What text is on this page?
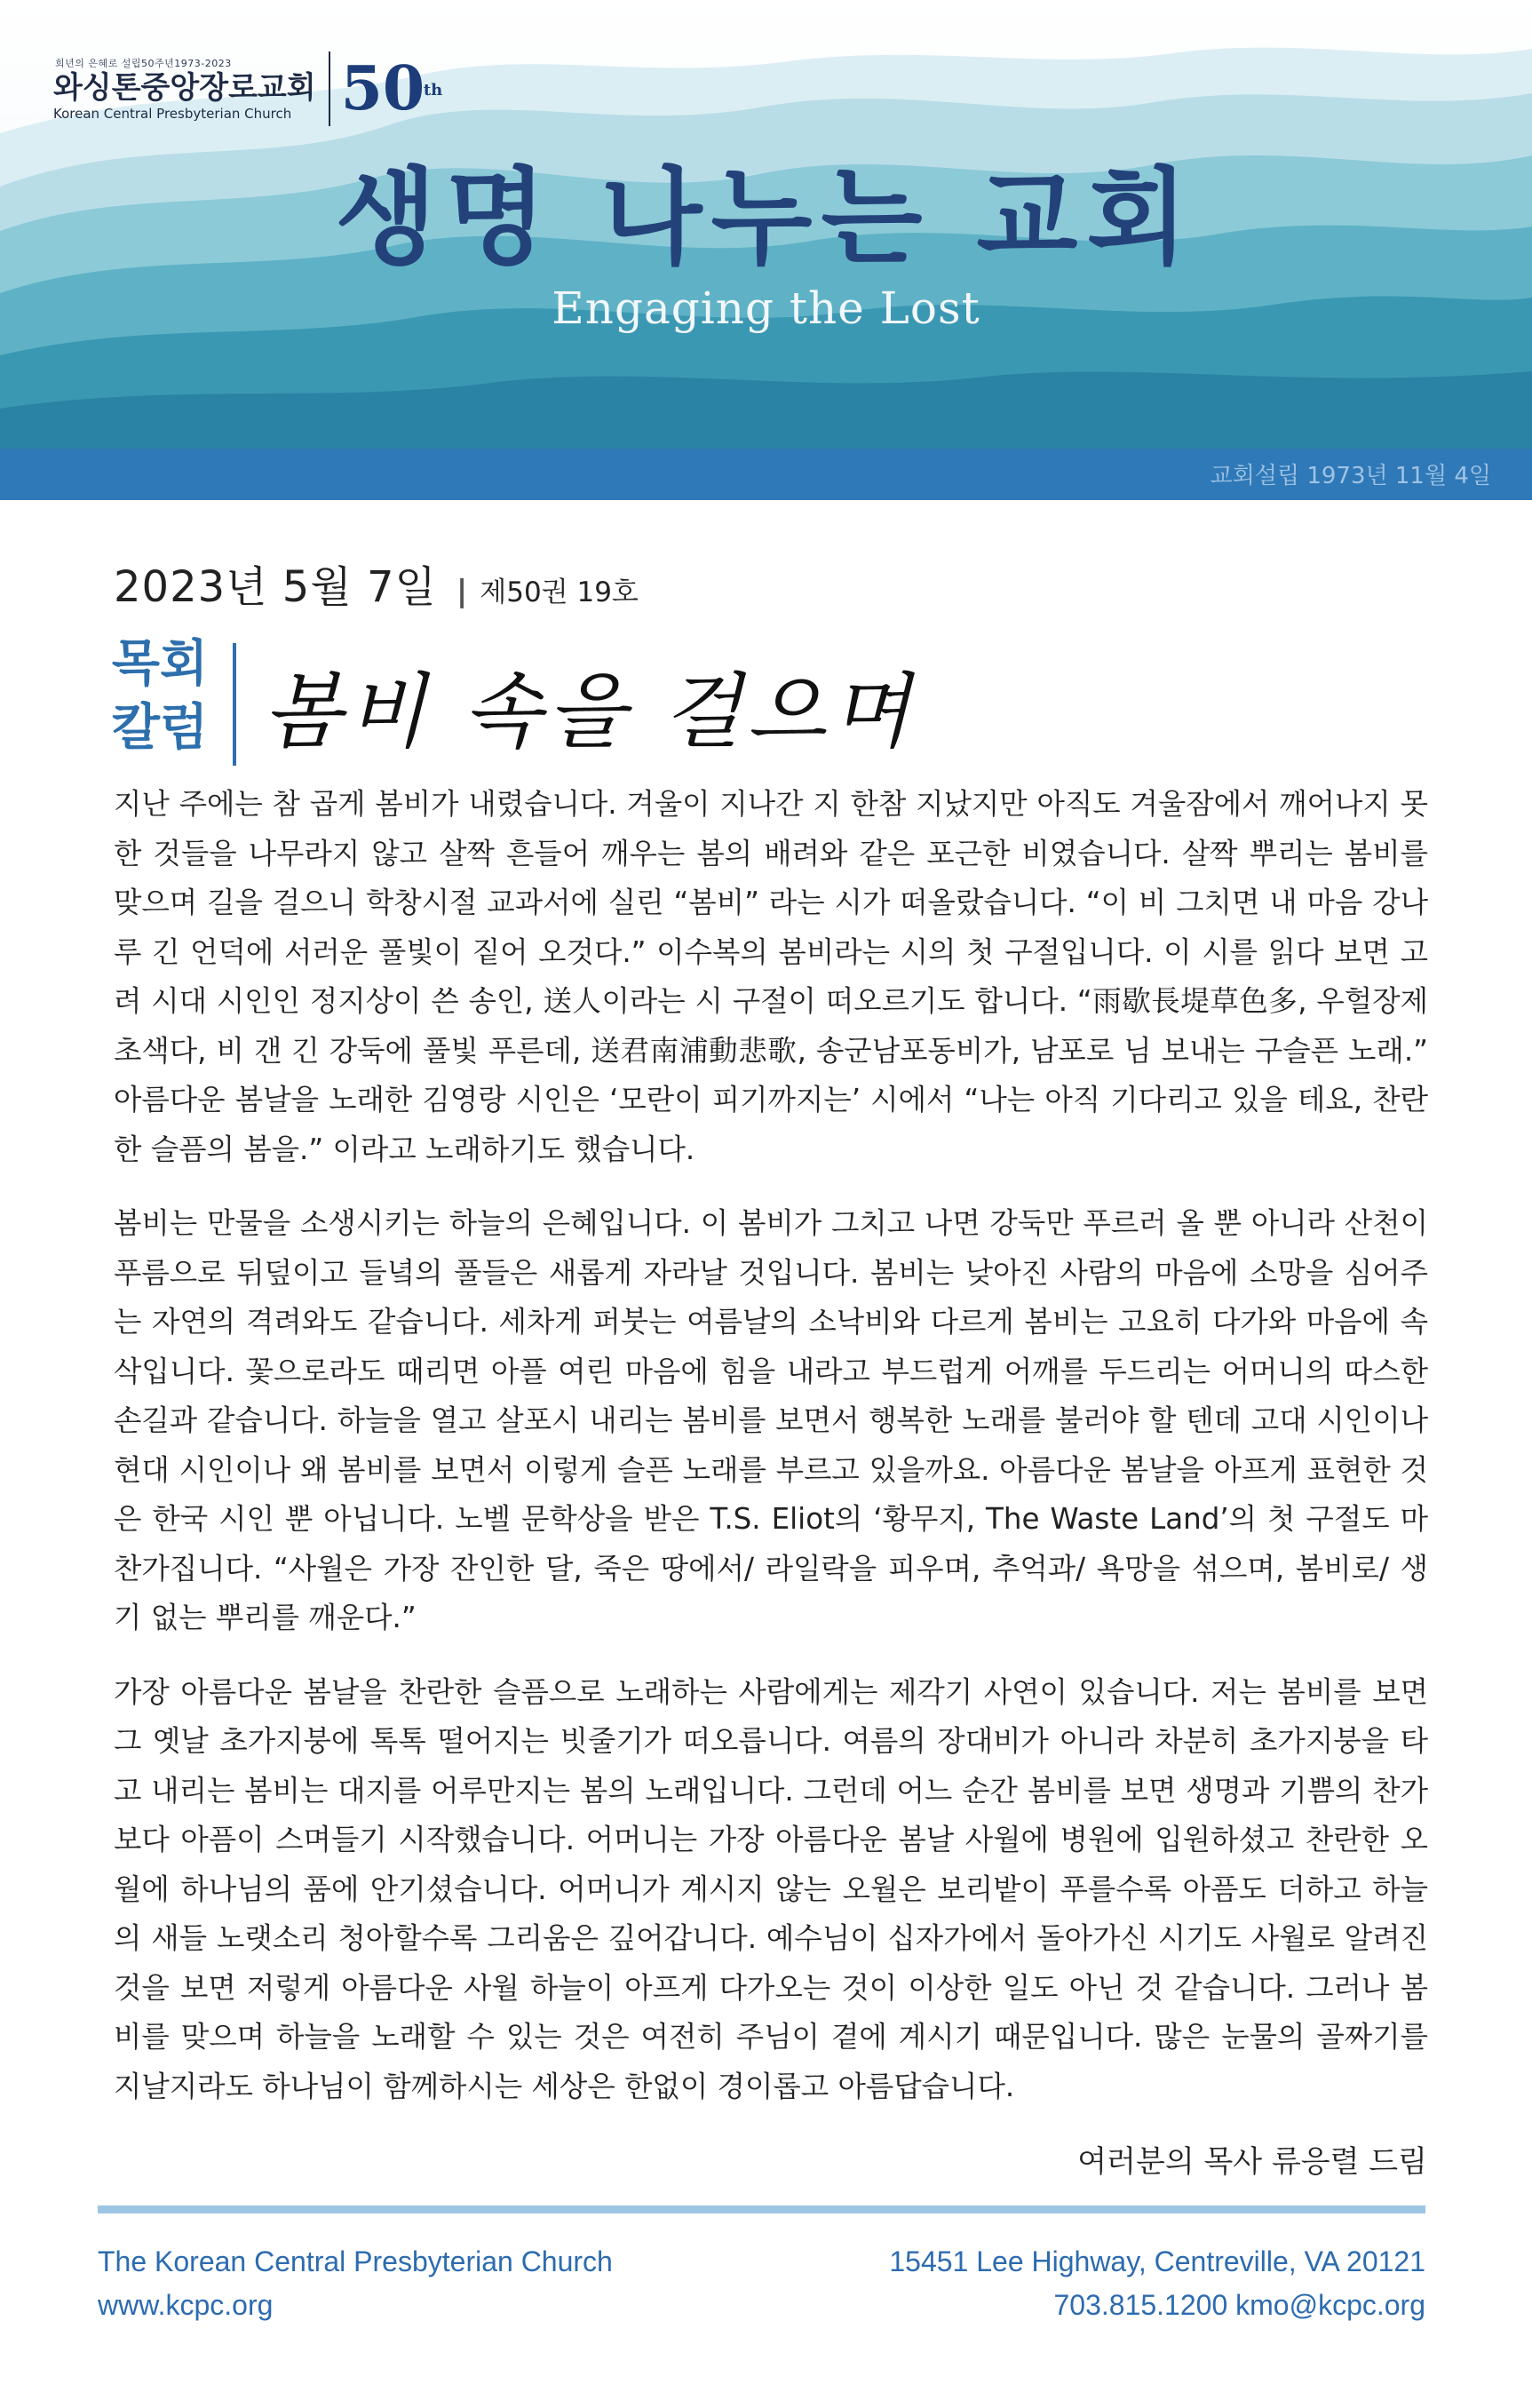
희년의 은혜로 설립50주년1973-2023
와싱톤중앙장로교회
Korean Central Presbyterian Church 50
th
생명 나누는 교회
Engaging the Lost
교회설립 1973년 11월 4일
2023년 5월 7일 | 제50권 19호
목회
칼럼 봄비 속을 걸으며

지난 주에는 참 곱게 봄비가 내렸습니다. 겨울이 지나간 지 한참 지났지만 아직도 겨울잠에서 깨어나지 못한 것들을 나무라지 않고 살짝 흔들어 깨우는 봄의 배려와 같은 포근한 비였습니다. 살짝 뿌리는 봄비를 맞으며 길을 걸으니 학창시절 교과서에 실린 “봄비” 라는 시가 떠올랐습니다. “이 비 그치면 내 마음 강나루 긴 언덕에 서러운 풀빛이 짙어 오것다.” 이수복의 봄비라는 시의 첫 구절입니다. 이 시를 읽다 보면 고려 시대 시인인 정지상이 쓴 송인, 送人이라는 시 구절이 떠오르기도 합니다. “雨歇長堤草色多, 우헐장제초색다, 비 갠 긴 강둑에 풀빛 푸른데, 送君南浦動悲歌, 송군남포동비가, 남포로 님 보내는 구슬픈 노래.” 아름다운 봄날을 노래한 김영랑 시인은 ‘모란이 피기까지는’ 시에서 “나는 아직 기다리고 있을 테요, 찬란한 슬픔의 봄을.” 이라고 노래하기도 했습니다.

봄비는 만물을 소생시키는 하늘의 은혜입니다. 이 봄비가 그치고 나면 강둑만 푸르러 올 뿐 아니라 산천이 푸름으로 뒤덮이고 들녘의 풀들은 새롭게 자라날 것입니다. 봄비는 낮아진 사람의 마음에 소망을 심어주는 자연의 격려와도 같습니다. 세차게 퍼붓는 여름날의 소낙비와 다르게 봄비는 고요히 다가와 마음에 속삭입니다. 꽃으로라도 때리면 아플 여린 마음에 힘을 내라고 부드럽게 어깨를 두드리는 어머니의 따스한 손길과 같습니다. 하늘을 열고 살포시 내리는 봄비를 보면서 행복한 노래를 불러야 할 텐데 고대 시인이나 현대 시인이나 왜 봄비를 보면서 이렇게 슬픈 노래를 부르고 있을까요. 아름다운 봄날을 아프게 표현한 것은 한국 시인 뿐 아닙니다. 노벨 문학상을 받은 T.S. Eliot의 ‘황무지, The Waste Land’의 첫 구절도 마찬가집니다. “사월은 가장 잔인한 달, 죽은 땅에서/ 라일락을 피우며, 추억과/ 욕망을 섞으며, 봄비로/ 생기 없는 뿌리를 깨운다.”

가장 아름다운 봄날을 찬란한 슬픔으로 노래하는 사람에게는 제각기 사연이 있습니다. 저는 봄비를 보면 그 옛날 초가지붕에 톡톡 떨어지는 빗줄기가 떠오릅니다. 여름의 장대비가 아니라 차분히 초가지붕을 타고 내리는 봄비는 대지를 어루만지는 봄의 노래입니다. 그런데 어느 순간 봄비를 보면 생명과 기쁨의 찬가보다 아픔이 스며들기 시작했습니다. 어머니는 가장 아름다운 봄날 사월에 병원에 입원하셨고 찬란한 오월에 하나님의 품에 안기셨습니다. 어머니가 계시지 않는 오월은 보리밭이 푸를수록 아픔도 더하고 하늘의 새들 노랫소리 청아할수록 그리움은 깊어갑니다. 예수님이 십자가에서 돌아가신 시기도 사월로 알려진 것을 보면 저렇게 아름다운 사월 하늘이 아프게 다가오는 것이 이상한 일도 아닌 것 같습니다. 그러나 봄비를 맞으며 하늘을 노래할 수 있는 것은 여전히 주님이 곁에 계시기 때문입니다. 많은 눈물의 골짜기를 지날지라도 하나님이 함께하시는 세상은 한없이 경이롭고 아름답습니다.

여러분의 목사 류응렬 드림
The Korean Central Presbyterian Church
www.kcpc.org
15451 Lee Highway, Centreville, VA 20121
703.815.1200 kmo@kcpc.org
